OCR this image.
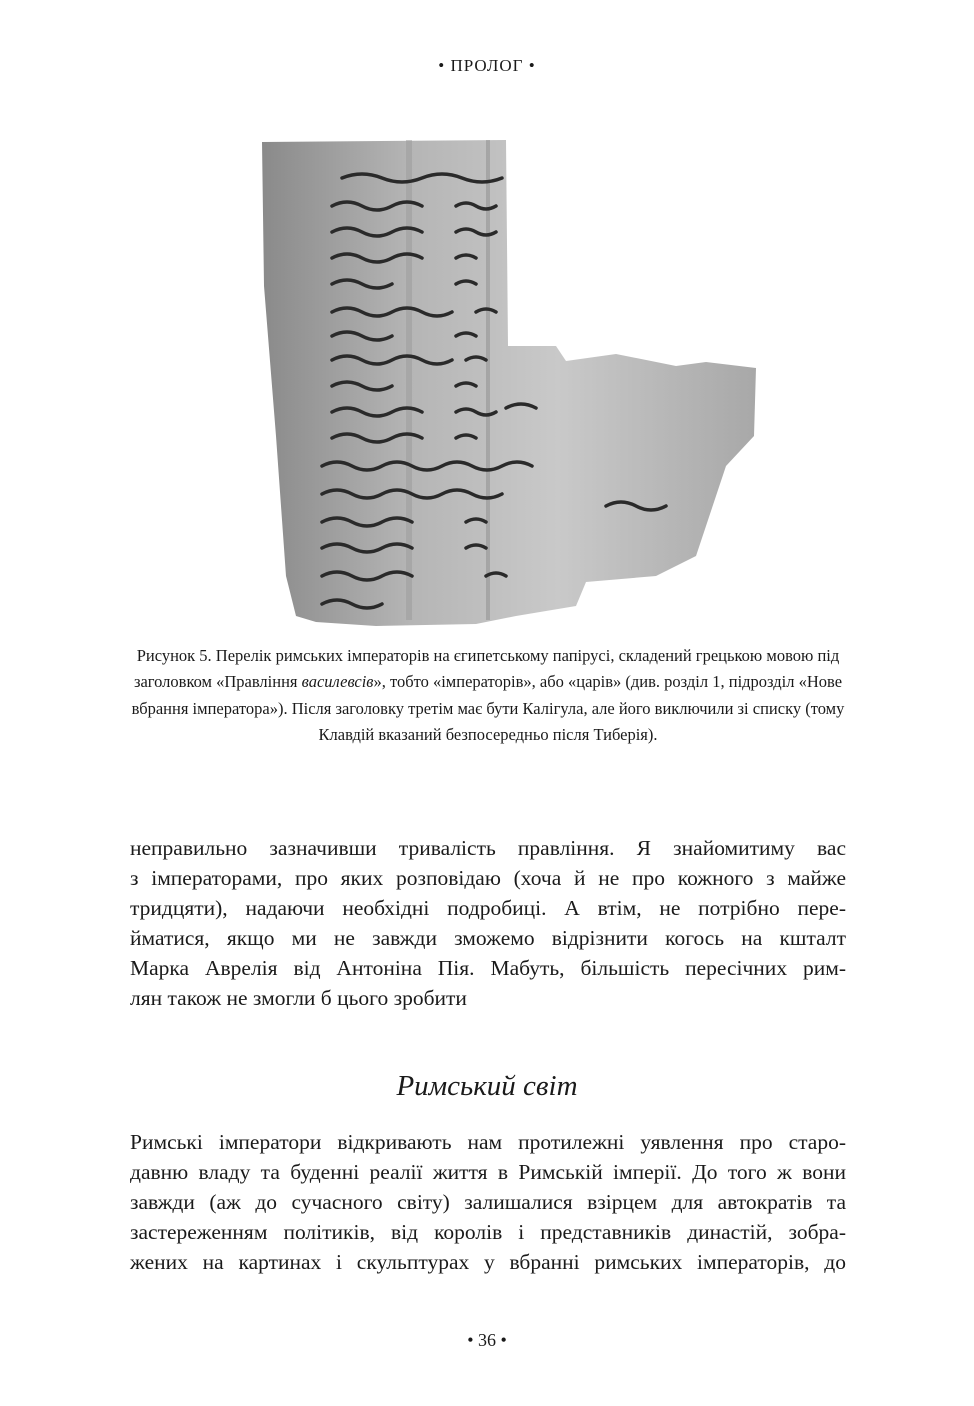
• ПРОЛОГ •
Рисунок 5. Перелік римських імператорів на єгипетському папірусі, складений грецькою мовою під заголовком «Правління василевсів», тобто «імператорів», або «царів» (див. розділ 1, підрозділ «Нове вбрання імператора»). Після заголовку третім має бути Калігула, але його виключили зі списку (тому Клавдій вказаний безпосередньо після Тиберія).
неправильно зазначивши тривалість правління. Я знайомитиму вас
з імператорами, про яких розповідаю (хоча й не про кожного з майже
тридцяти), надаючи необхідні подробиці. А втім, не потрібно пере-
йматися, якщо ми не завжди зможемо відрізнити когось на кшталт
Марка Аврелія від Антоніна Пія. Мабуть, більшість пересічних рим-
лян також не змогли б цього зробити
Римський світ
Римські імператори відкривають нам протилежні уявлення про старо-
давню владу та буденні реалії життя в Римській імперії. До того ж вони
завжди (аж до сучасного світу) залишалися взірцем для автократів та
застереженням політиків, від королів і представників династій, зобра-
жених на картинах і скульптурах у вбранні римських імператорів, до
• 36 •
